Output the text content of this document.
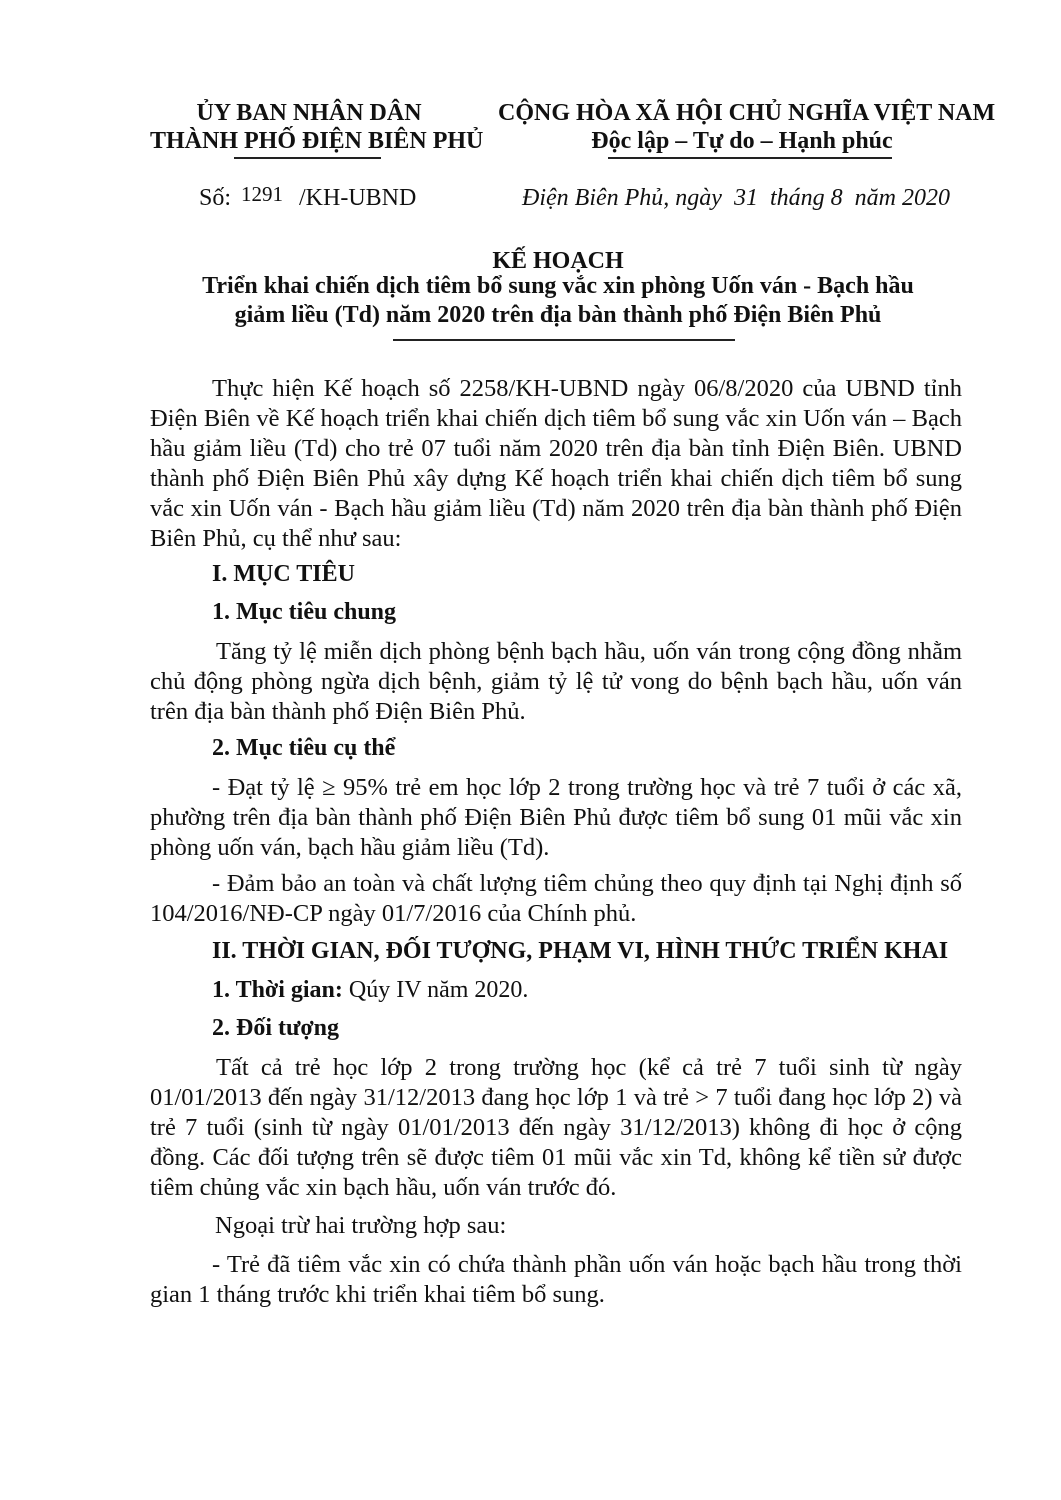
ỦY BAN NHÂN DÂN
THÀNH PHỐ ĐIỆN BIÊN PHỦ
CỘNG HÒA XÃ HỘI CHỦ NGHĨA VIỆT NAM
Độc lập – Tự do – Hạnh phúc
Số: 1291 /KH-UBND	Điện Biên Phủ, ngày  31  tháng 8  năm 2020
KẾ HOẠCH
Triển khai chiến dịch tiêm bổ sung vắc xin phòng Uốn ván - Bạch hầu
giảm liều (Td) năm 2020 trên địa bàn thành phố Điện Biên Phủ

Thực hiện Kế hoạch số 2258/KH-UBND ngày 06/8/2020 của UBND tỉnh Điện Biên về Kế hoạch triển khai chiến dịch tiêm bổ sung vắc xin Uốn ván – Bạch hầu giảm liều (Td) cho trẻ 07 tuổi năm 2020 trên địa bàn tỉnh Điện Biên. UBND thành phố Điện Biên Phủ xây dựng Kế hoạch triển khai chiến dịch tiêm bổ sung vắc xin Uốn ván - Bạch hầu giảm liều (Td) năm 2020 trên địa bàn thành phố Điện Biên Phủ, cụ thể như sau:

I. MỤC TIÊU
1. Mục tiêu chung

Tăng tỷ lệ miễn dịch phòng bệnh bạch hầu, uốn ván trong cộng đồng nhằm chủ động phòng ngừa dịch bệnh, giảm tỷ lệ tử vong do bệnh bạch hầu, uốn ván trên địa bàn thành phố Điện Biên Phủ.

2. Mục tiêu cụ thể

- Đạt tỷ lệ ≥ 95% trẻ em học lớp 2 trong trường học và trẻ 7 tuổi ở các xã, phường trên địa bàn thành phố Điện Biên Phủ được tiêm bổ sung 01 mũi vắc xin phòng uốn ván, bạch hầu giảm liều (Td).

- Đảm bảo an toàn và chất lượng tiêm chủng theo quy định tại Nghị định số 104/2016/NĐ-CP ngày 01/7/2016 của Chính phủ.

II. THỜI GIAN, ĐỐI TƯỢNG, PHẠM VI, HÌNH THỨC TRIỂN KHAI
1. Thời gian: Qúy IV năm 2020.
2. Đối tượng

Tất cả trẻ học lớp 2 trong trường học (kể cả trẻ 7 tuổi sinh từ ngày 01/01/2013 đến ngày 31/12/2013 đang học lớp 1 và trẻ > 7 tuổi đang học lớp 2) và trẻ 7 tuổi (sinh từ ngày 01/01/2013 đến ngày 31/12/2013) không đi học ở cộng đồng. Các đối tượng trên sẽ được tiêm 01 mũi vắc xin Td, không kể tiền sử được tiêm chủng vắc xin bạch hầu, uốn ván trước đó.

Ngoại trừ hai trường hợp sau:

- Trẻ đã tiêm vắc xin có chứa thành phần uốn ván hoặc bạch hầu trong thời gian 1 tháng trước khi triển khai tiêm bổ sung.
